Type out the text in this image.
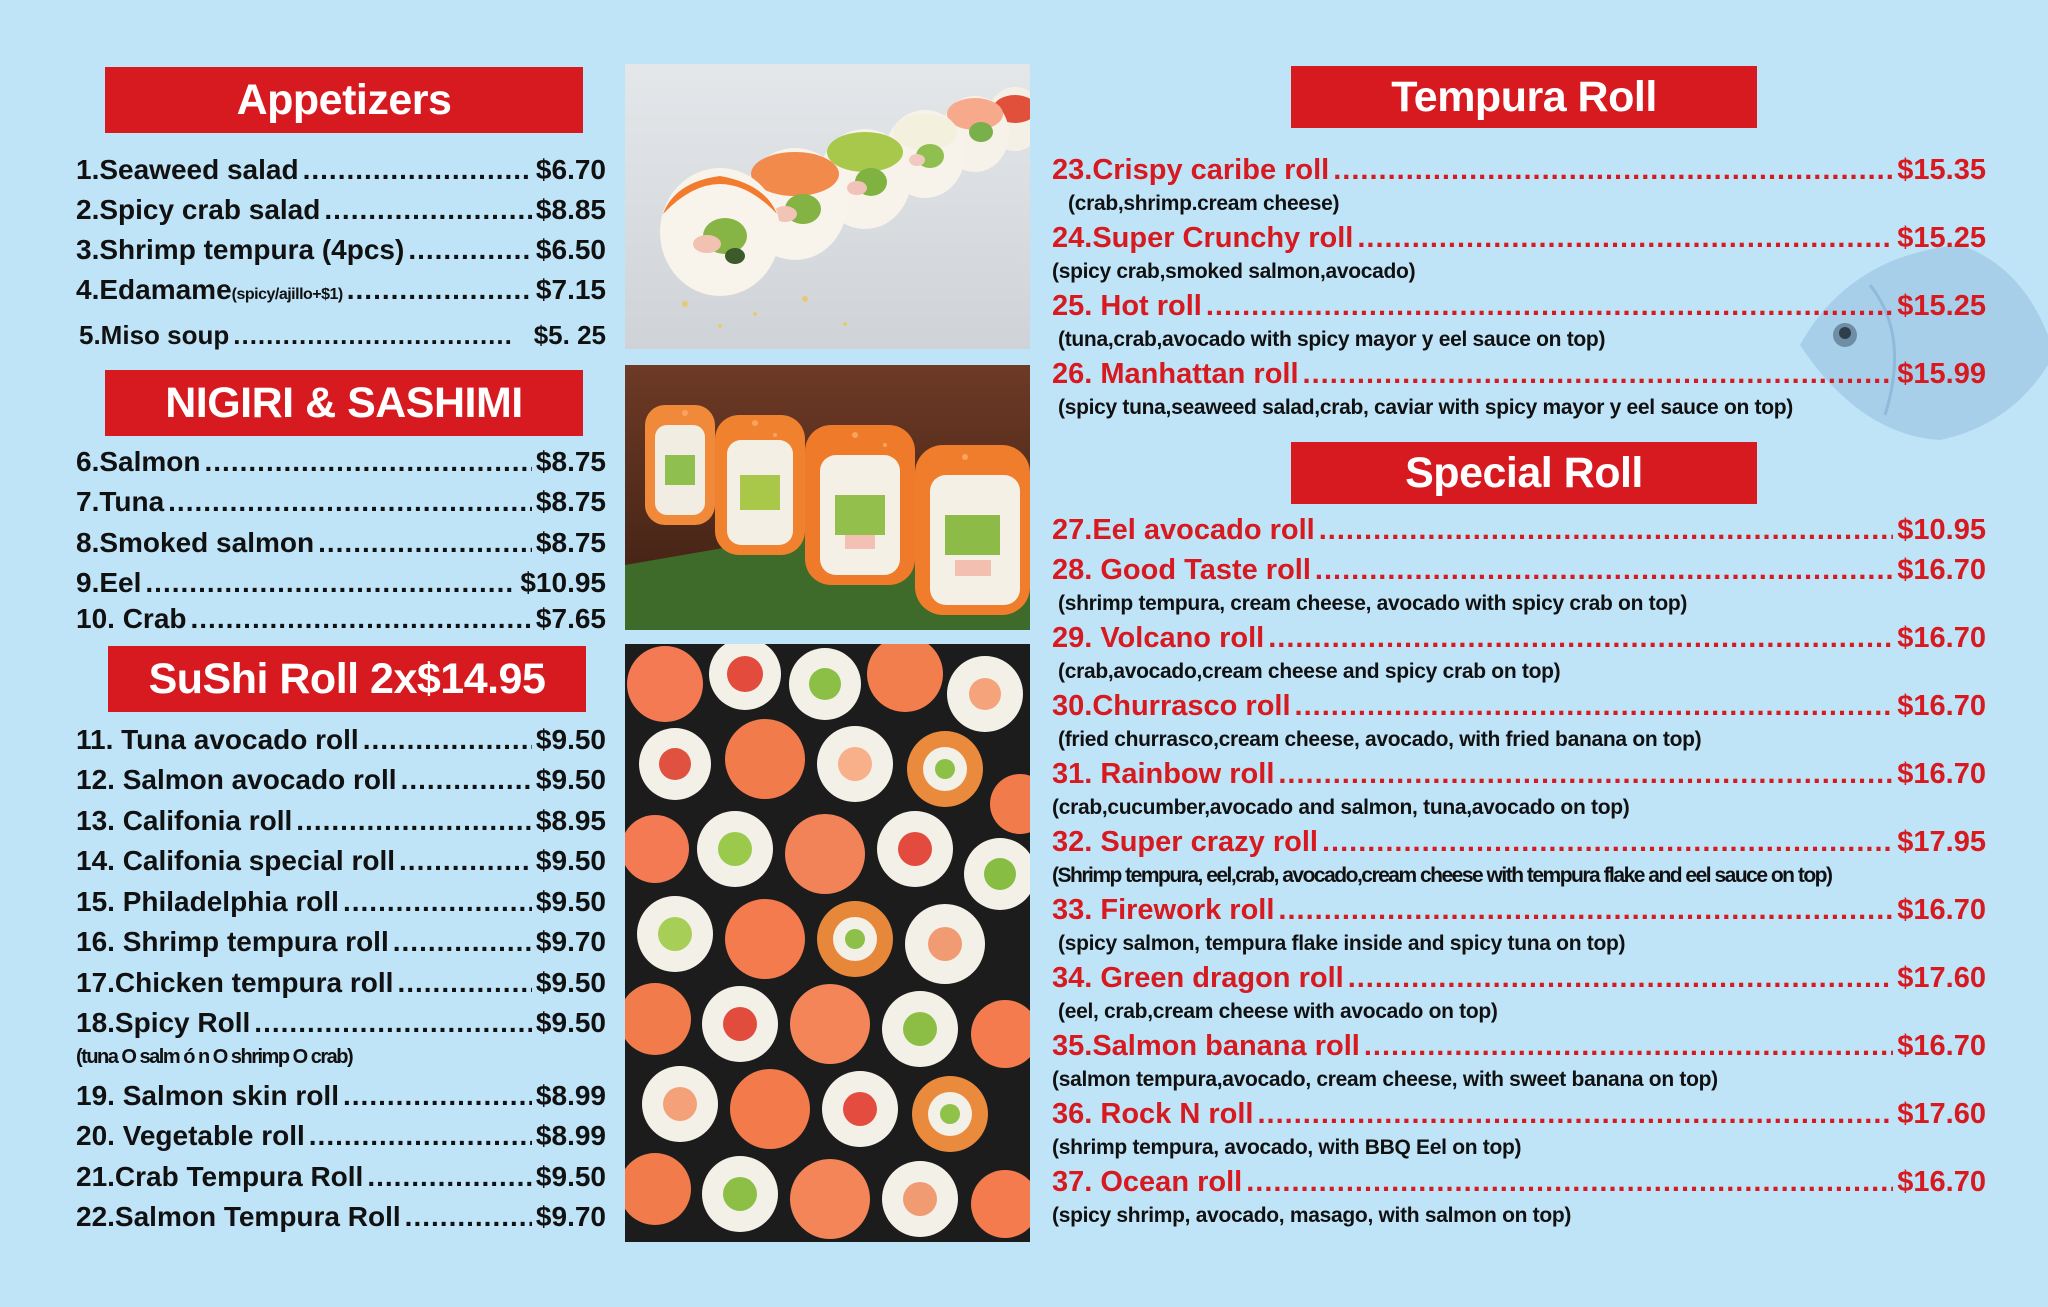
Appetizers
1.Seaweed salad .....	$6.70
2.Spicy crab salad .....	$8.85
3.Shrimp tempura (4pcs) .....	$6.50
4.Edamame (spicy/ajillo+$1) .....	$7.15
5.Miso soup .....	$5. 25
NIGIRI & SASHIMI
6.Salmon .....	$8.75
7.Tuna .....	$8.75
8.Smoked salmon .....	$8.75
9.Eel .....	$10.95
10. Crab .....	$7.65
SuShi Roll 2x$14.95
11. Tuna avocado roll .....	$9.50
12. Salmon avocado roll .....	$9.50
13. Califonia roll .....	$8.95
14. Califonia special roll .....	$9.50
15. Philadelphia roll .....	$9.50
16. Shrimp tempura roll .....	$9.70
17.Chicken tempura roll .....	$9.50
18.Spicy Roll .....	$9.50
(tuna O salm ó n O shrimp O crab)
19. Salmon skin roll .....	$8.99
20. Vegetable roll .....	$8.99
21.Crab Tempura Roll .....	$9.50
22.Salmon Tempura Roll .....	$9.70
Tempura Roll
23.Crispy caribe roll .....	$15.35
(crab,shrimp.cream cheese)
24.Super Crunchy roll .....	$15.25
(spicy crab,smoked salmon,avocado)
25. Hot roll .....	$15.25
(tuna,crab,avocado with spicy mayor y eel sauce on top)
26. Manhattan roll .....	$15.99
(spicy tuna,seaweed salad,crab, caviar with spicy mayor y eel sauce on top)
Special Roll
27.Eel avocado roll .....	$10.95
28. Good Taste roll .....	$16.70
(shrimp tempura, cream cheese, avocado with spicy crab on top)
29. Volcano roll .....	$16.70
(crab,avocado,cream cheese and spicy crab on top)
30.Churrasco roll .....	$16.70
(fried churrasco,cream cheese, avocado, with fried banana on top)
31. Rainbow roll .....	$16.70
(crab,cucumber,avocado and salmon, tuna,avocado on top)
32. Super crazy roll .....	$17.95
(Shrimp tempura, eel,crab, avocado,cream cheese with tempura flake and eel sauce on top)
33. Firework roll .....	$16.70
(spicy salmon, tempura flake inside and spicy tuna on top)
34. Green dragon roll .....	$17.60
(eel, crab,cream cheese with avocado on top)
35.Salmon banana roll .....	$16.70
(salmon tempura,avocado, cream cheese, with sweet banana on top)
36. Rock N roll .....	$17.60
(shrimp tempura, avocado, with BBQ Eel on top)
37. Ocean roll .....	$16.70
(spicy shrimp, avocado, masago, with salmon on top)
